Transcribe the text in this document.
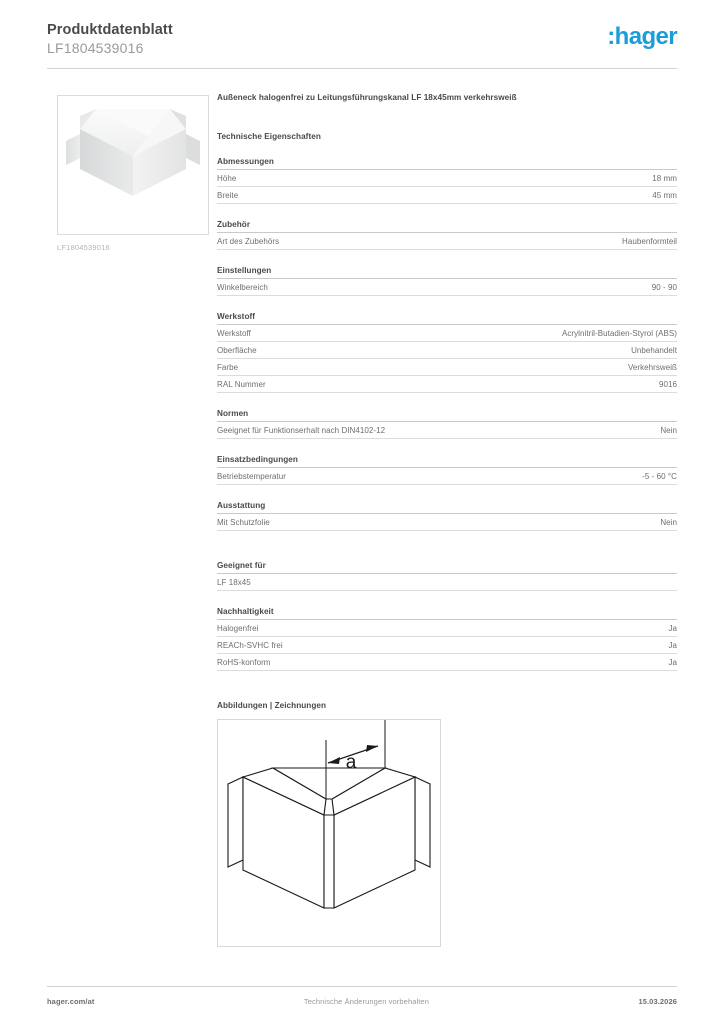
Produktdatenblatt
LF1804539016	:hager
LF1804539016
Außeneck halogenfrei zu Leitungsführungskanal LF 18x45mm verkehrsweiß
Technische Eigenschaften
Abmessungen
Höhe	18 mm
Breite	45 mm
Zubehör
Art des Zubehörs	Haubenformteil
Einstellungen
Winkelbereich	90 - 90
Werkstoff
Werkstoff	Acrylnitril-Butadien-Styrol (ABS)
Oberfläche	Unbehandelt
Farbe	Verkehrsweiß
RAL Nummer	9016
Normen
Geeignet für Funktionserhalt nach DIN4102-12	Nein
Einsatzbedingungen
Betriebstemperatur	-5 - 60 °C
Ausstattung
Mit Schutzfolie	Nein
Geeignet für
LF 18x45
Nachhaltigkeit
Halogenfrei	Ja
REACh-SVHC frei	Ja
RoHS-konform	Ja
Abbildungen | Zeichnungen
a
hager.com/at	Technische Änderungen vorbehalten	15.03.2026
